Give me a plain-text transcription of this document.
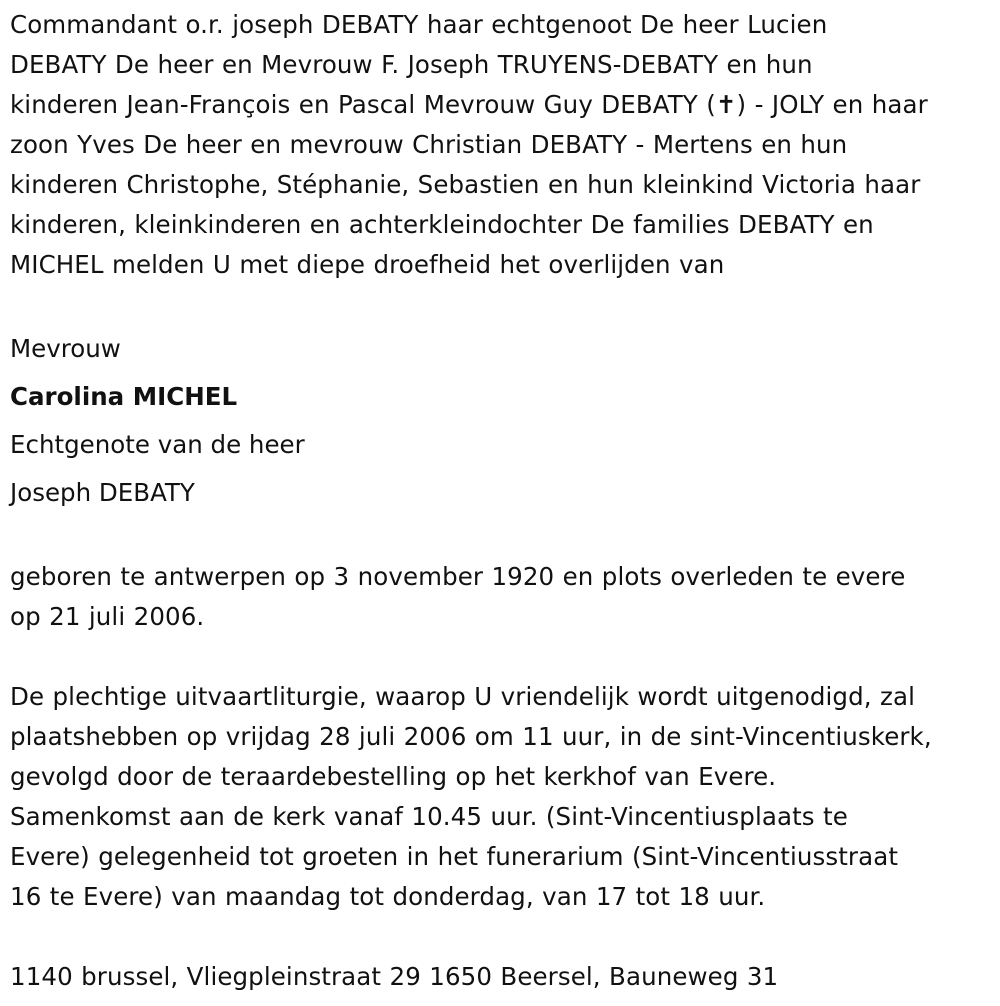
Commandant o.r. joseph DEBATY haar echtgenoot De heer Lucien
DEBATY De heer en Mevrouw F. Joseph TRUYENS-DEBATY en hun
kinderen Jean-François en Pascal Mevrouw Guy DEBATY (✝) - JOLY en haar
zoon Yves De heer en mevrouw Christian DEBATY - Mertens en hun
kinderen Christophe, Stéphanie, Sebastien en hun kleinkind Victoria haar
kinderen, kleinkinderen en achterkleindochter De families DEBATY en
MICHEL melden U met diepe droefheid het overlijden van

Mevrouw
Carolina MICHEL
Echtgenote van de heer
Joseph DEBATY

geboren te antwerpen op 3 november 1920 en plots overleden te evere
op 21 juli 2006.

De plechtige uitvaartliturgie, waarop U vriendelijk wordt uitgenodigd, zal
plaatshebben op vrijdag 28 juli 2006 om 11 uur, in de sint-Vincentiuskerk,
gevolgd door de teraardebestelling op het kerkhof van Evere.
Samenkomst aan de kerk vanaf 10.45 uur. (Sint-Vincentiusplaats te
Evere) gelegenheid tot groeten in het funerarium (Sint-Vincentiusstraat
16 te Evere) van maandag tot donderdag, van 17 tot 18 uur.

1140 brussel, Vliegpleinstraat 29 1650 Beersel, Bauneweg 31
